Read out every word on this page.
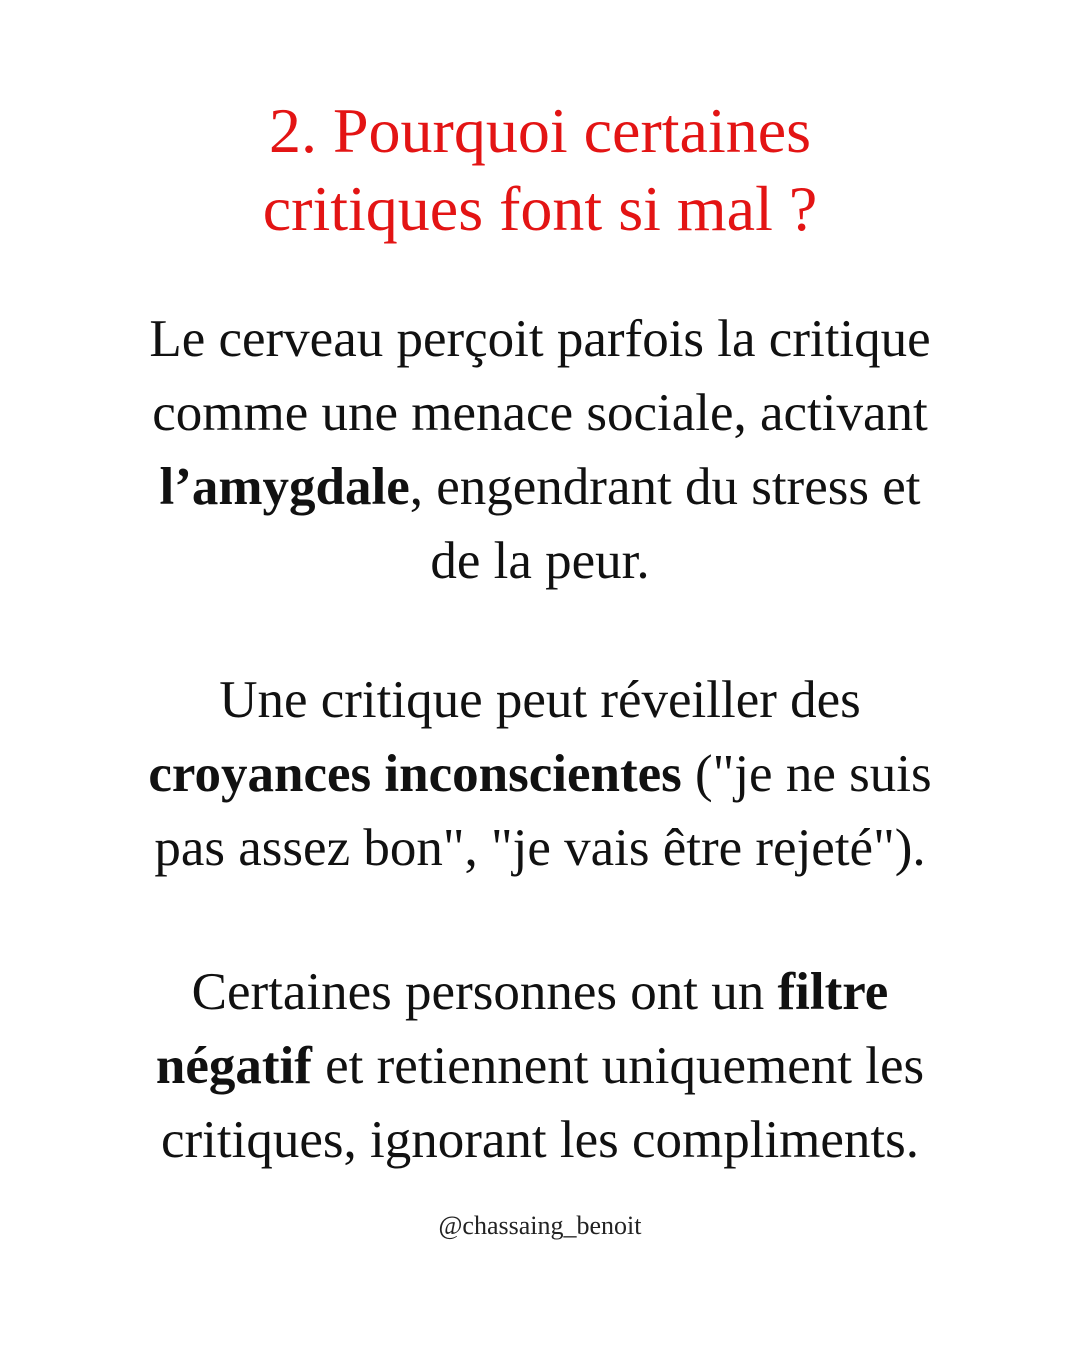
2. Pourquoi certaines
critiques font si mal ?

Le cerveau perçoit parfois la critique
comme une menace sociale, activant
l’amygdale, engendrant du stress et
de la peur.

Une critique peut réveiller des
croyances inconscientes ("je ne suis
pas assez bon", "je vais être rejeté").

Certaines personnes ont un filtre
négatif et retiennent uniquement les
critiques, ignorant les compliments.

@chassaing_benoit
